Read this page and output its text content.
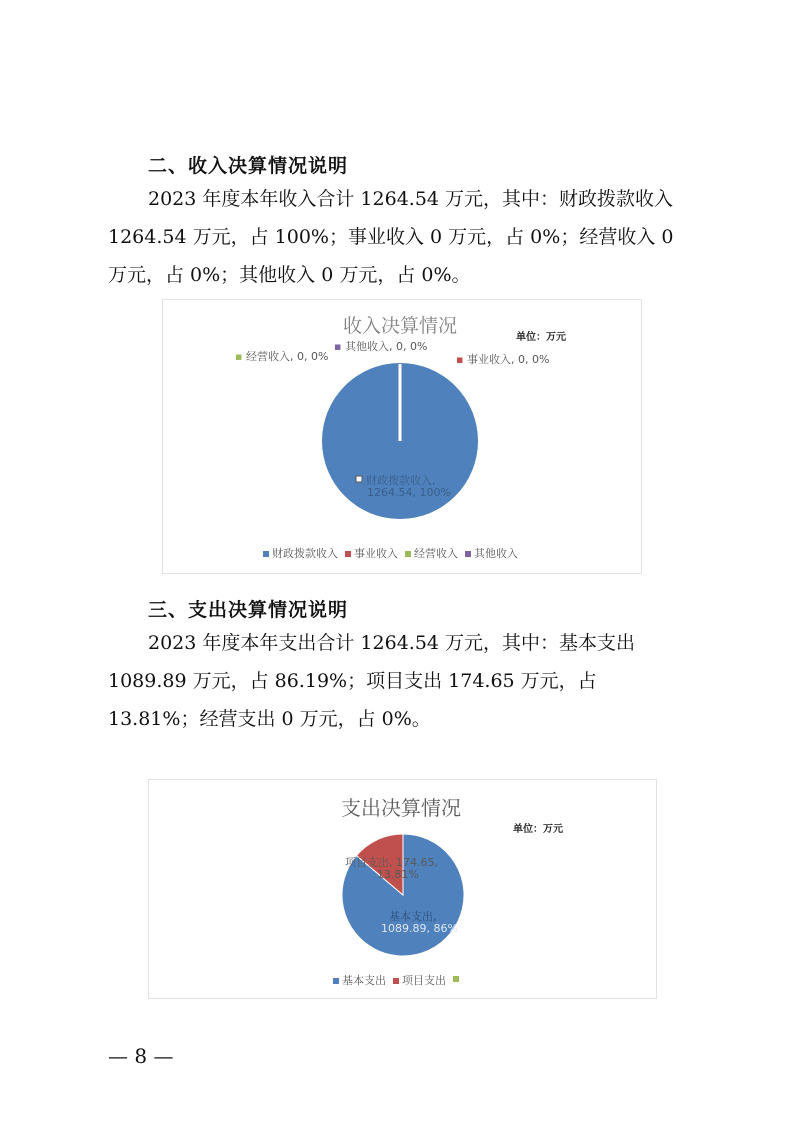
二、收入决算情况说明

2023 年度本年收入合计 1264.54 万元，其中：财政拨款收入 1264.54 万元，占 100%；事业收入 0 万元，占 0%；经营收入 0 万元，占 0%；其他收入 0 万元，占 0%。

收入决算情况
单位：万元
▪ 经营收入, 0, 0%
▪ 其他收入, 0, 0%
▪ 事业收入, 0, 0%
财政拨款收入,
1264.54, 100%
财政拨款收入	事业收入	经营收入	其他收入
三、支出决算情况说明

2023 年度本年支出合计 1264.54 万元，其中：基本支出 1089.89 万元，占 86.19%；项目支出 174.65 万元，占 13.81%；经营支出 0 万元，占 0%。

支出决算情况
单位：万元
项目支出, 174.65,
13.81%
基本支出,
1089.89, 86%
基本支出	项目支出
— 8 —
